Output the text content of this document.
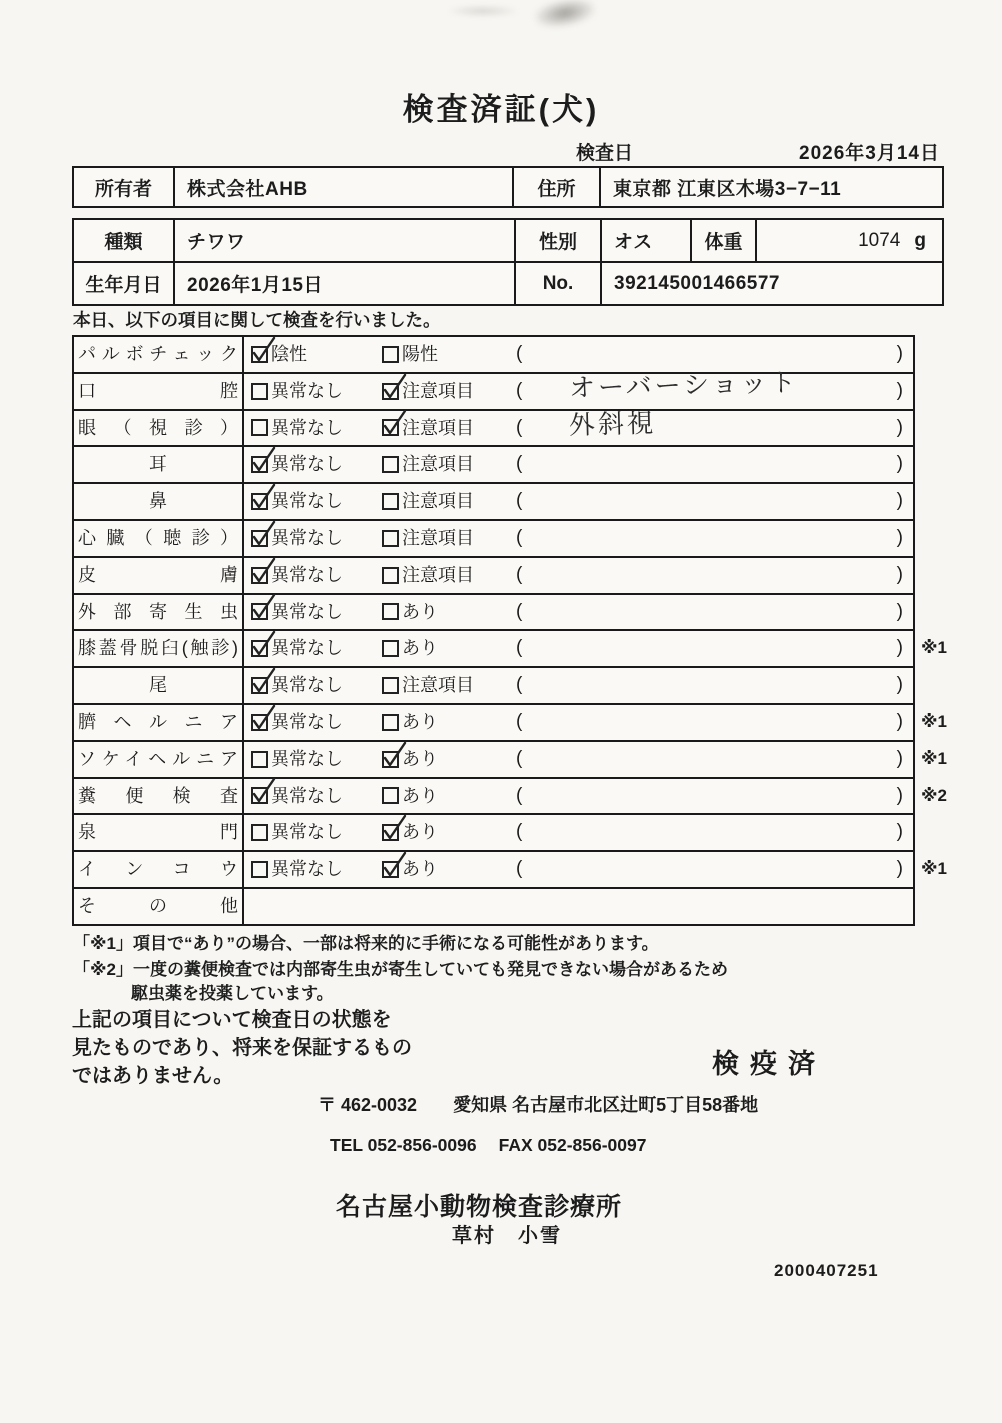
検査済証(犬)
検査日	2026年3月14日
所有者	株式会社AHB	住所	東京都 江東区木場3−7−11
種類	チワワ	性別	オス	体重	1074 g
生年月日	2026年1月15日	No.	392145001466577
本日、以下の項目に関して検査を行いました。
パルボチェック	陰性	陽性	(	)
口腔	異常なし	注意項目 ( オーバーショット	)
眼（視診）	異常なし	注意項目 ( 外斜視	)
耳	異常なし	注意項目 (	)
鼻	異常なし	注意項目 (	)
心臓（聴診）	異常なし	注意項目 (	)
皮膚	異常なし	注意項目 (	)
外部寄生虫	異常なし	あり	(	)
膝蓋骨脱臼(触診)	異常なし	あり	(	) ※1
尾	異常なし	注意項目 (	)
臍ヘルニア	異常なし	あり	(	) ※1
ソケイヘルニア	異常なし	あり	(	) ※1
糞便検査	異常なし	あり	(	) ※2
泉門	異常なし	あり	(	)
インコウ	異常なし	あり	(	) ※1
その他
「※1」項目で“あり”の場合、一部は将来的に手術になる可能性があります。
「※2」一度の糞便検査では内部寄生虫が寄生していても発見できない場合があるため
駆虫薬を投薬しています。
上記の項目について検査日の状態を
見たものであり、将来を保証するもの
ではありません。	検疫済
〒 462-0032 愛知県 名古屋市北区辻町5丁目58番地
TEL 052-856-0096 FAX 052-856-0097
名古屋小動物検査診療所
草村　小雪
2000407251
